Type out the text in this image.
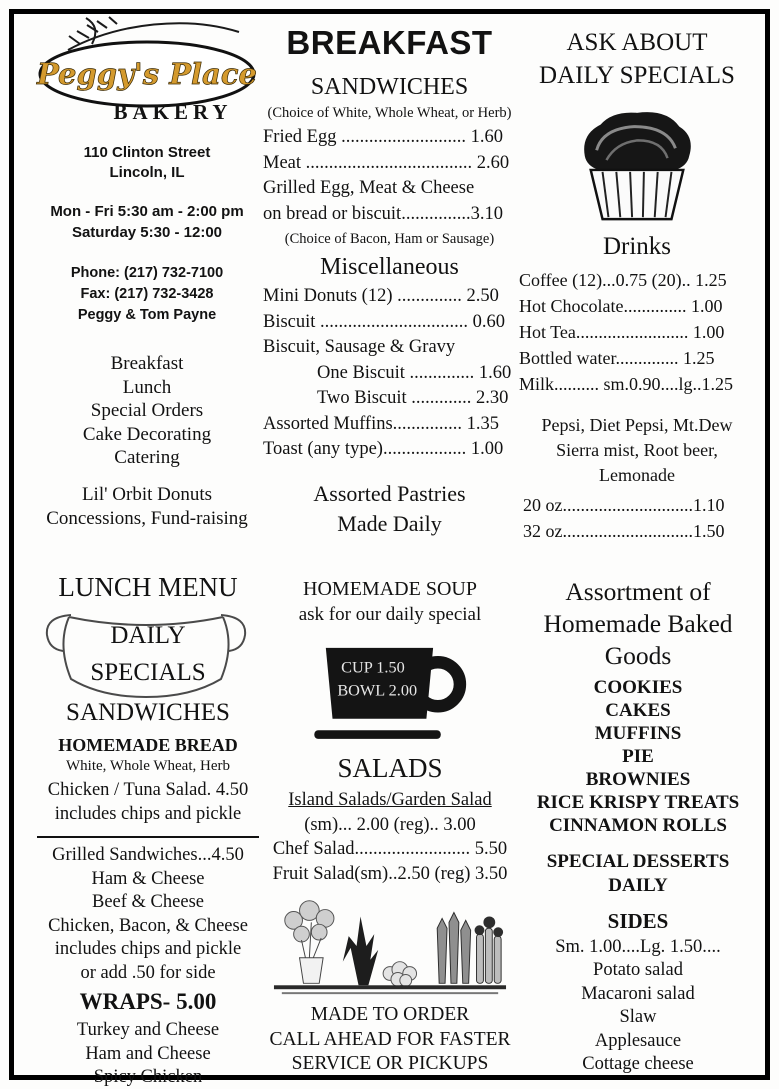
Peggy's Place
BAKERY
110 Clinton Street
Lincoln, IL
Mon - Fri 5:30 am - 2:00 pm
Saturday 5:30 - 12:00
Phone: (217) 732-7100
Fax: (217) 732-3428
Peggy & Tom Payne
Breakfast
Lunch
Special Orders
Cake Decorating
Catering
Lil' Orbit Donuts
Concessions, Fund-raising
BREAKFAST
SANDWICHES
(Choice of White, Whole Wheat, or Herb)
Fried Egg ........................... 1.60
Meat .................................... 2.60
Grilled Egg, Meat & Cheese
on bread or biscuit...............3.10
(Choice of Bacon, Ham or Sausage)
Miscellaneous
Mini Donuts (12) .............. 2.50
Biscuit ................................ 0.60
Biscuit, Sausage & Gravy
One Biscuit .............. 1.60
Two Biscuit ............. 2.30
Assorted Muffins............... 1.35
Toast (any type).................. 1.00
Assorted Pastries
Made Daily
ASK ABOUT
DAILY SPECIALS
Drinks
Coffee (12)...0.75 (20).. 1.25
Hot Chocolate.............. 1.00
Hot Tea......................... 1.00
Bottled water.............. 1.25
Milk.......... sm.0.90....lg..1.25
Pepsi, Diet Pepsi, Mt.Dew
Sierra mist, Root beer,
Lemonade
20 oz.............................1.10
32 oz.............................1.50
LUNCH MENU
DAILY
SPECIALS
SANDWICHES
HOMEMADE BREAD
White, Whole Wheat, Herb
Chicken / Tuna Salad. 4.50
includes chips and pickle
Grilled Sandwiches...4.50
Ham & Cheese
Beef & Cheese
Chicken, Bacon, & Cheese
includes chips and pickle
or add .50 for side
WRAPS- 5.00
Turkey and Cheese
Ham and Cheese
Spicy Chicken
HOMEMADE SOUP
ask for our daily special
CUP 1.50
BOWL 2.00
SALADS
Island Salads/Garden Salad
(sm)... 2.00 (reg).. 3.00
Chef Salad......................... 5.50
Fruit Salad(sm)..2.50 (reg) 3.50
MADE TO ORDER
CALL AHEAD FOR FASTER
SERVICE OR PICKUPS
Assortment of
Homemade Baked
Goods
COOKIES
CAKES
MUFFINS
PIE
BROWNIES
RICE KRISPY TREATS
CINNAMON ROLLS
SPECIAL DESSERTS
DAILY
SIDES
Sm. 1.00....Lg. 1.50....
Potato salad
Macaroni salad
Slaw
Applesauce
Cottage cheese
